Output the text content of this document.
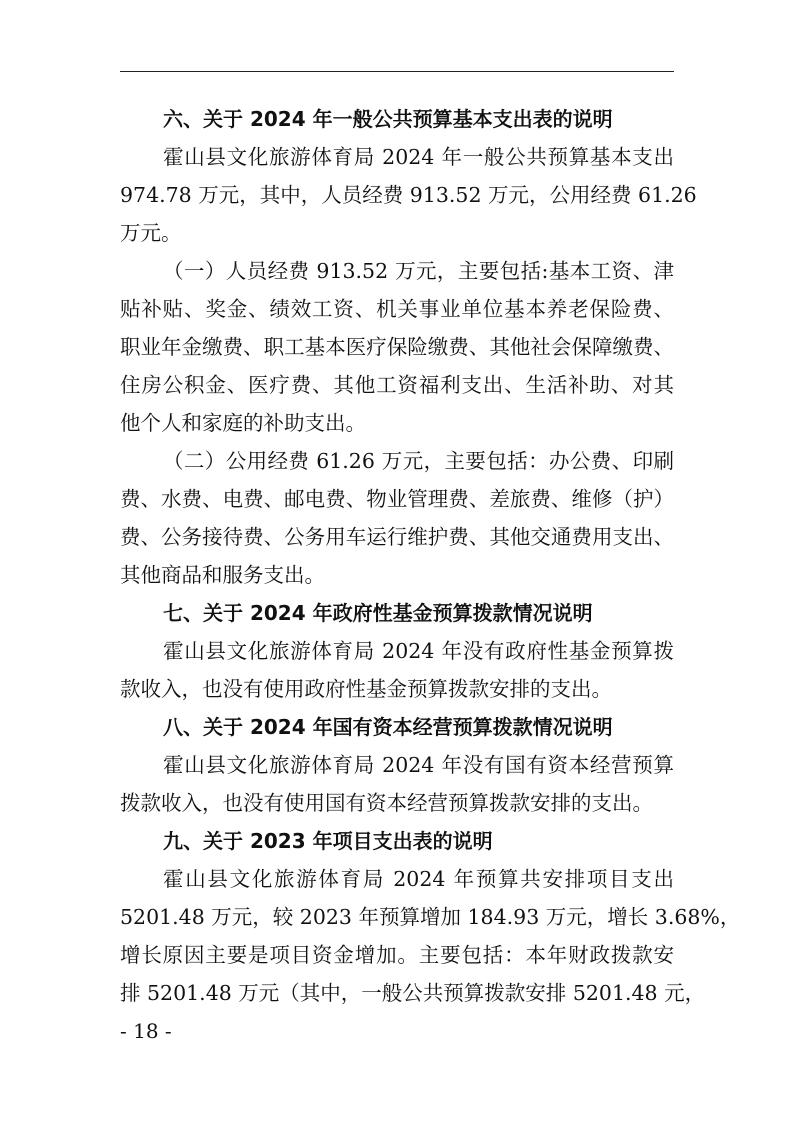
六、关于 2024 年一般公共预算基本支出表的说明
霍山县文化旅游体育局 2024 年一般公共预算基本支出
974.78 万元，其中，人员经费 913.52 万元，公用经费 61.26
万元。
（一）人员经费 913.52 万元，主要包括:基本工资、津
贴补贴、奖金、绩效工资、机关事业单位基本养老保险费、
职业年金缴费、职工基本医疗保险缴费、其他社会保障缴费、
住房公积金、医疗费、其他工资福利支出、生活补助、对其
他个人和家庭的补助支出。
（二）公用经费 61.26 万元，主要包括：办公费、印刷
费、水费、电费、邮电费、物业管理费、差旅费、维修（护）
费、公务接待费、公务用车运行维护费、其他交通费用支出、
其他商品和服务支出。
七、关于 2024 年政府性基金预算拨款情况说明
霍山县文化旅游体育局 2024 年没有政府性基金预算拨
款收入，也没有使用政府性基金预算拨款安排的支出。
八、关于 2024 年国有资本经营预算拨款情况说明
霍山县文化旅游体育局 2024 年没有国有资本经营预算
拨款收入，也没有使用国有资本经营预算拨款安排的支出。
九、关于 2023 年项目支出表的说明
霍山县文化旅游体育局 2024 年预算共安排项目支出
5201.48 万元，较 2023 年预算增加 184.93 万元，增长 3.68%，
增长原因主要是项目资金增加。主要包括：本年财政拨款安
排 5201.48 万元（其中，一般公共预算拨款安排 5201.48 元，
- 18 -
